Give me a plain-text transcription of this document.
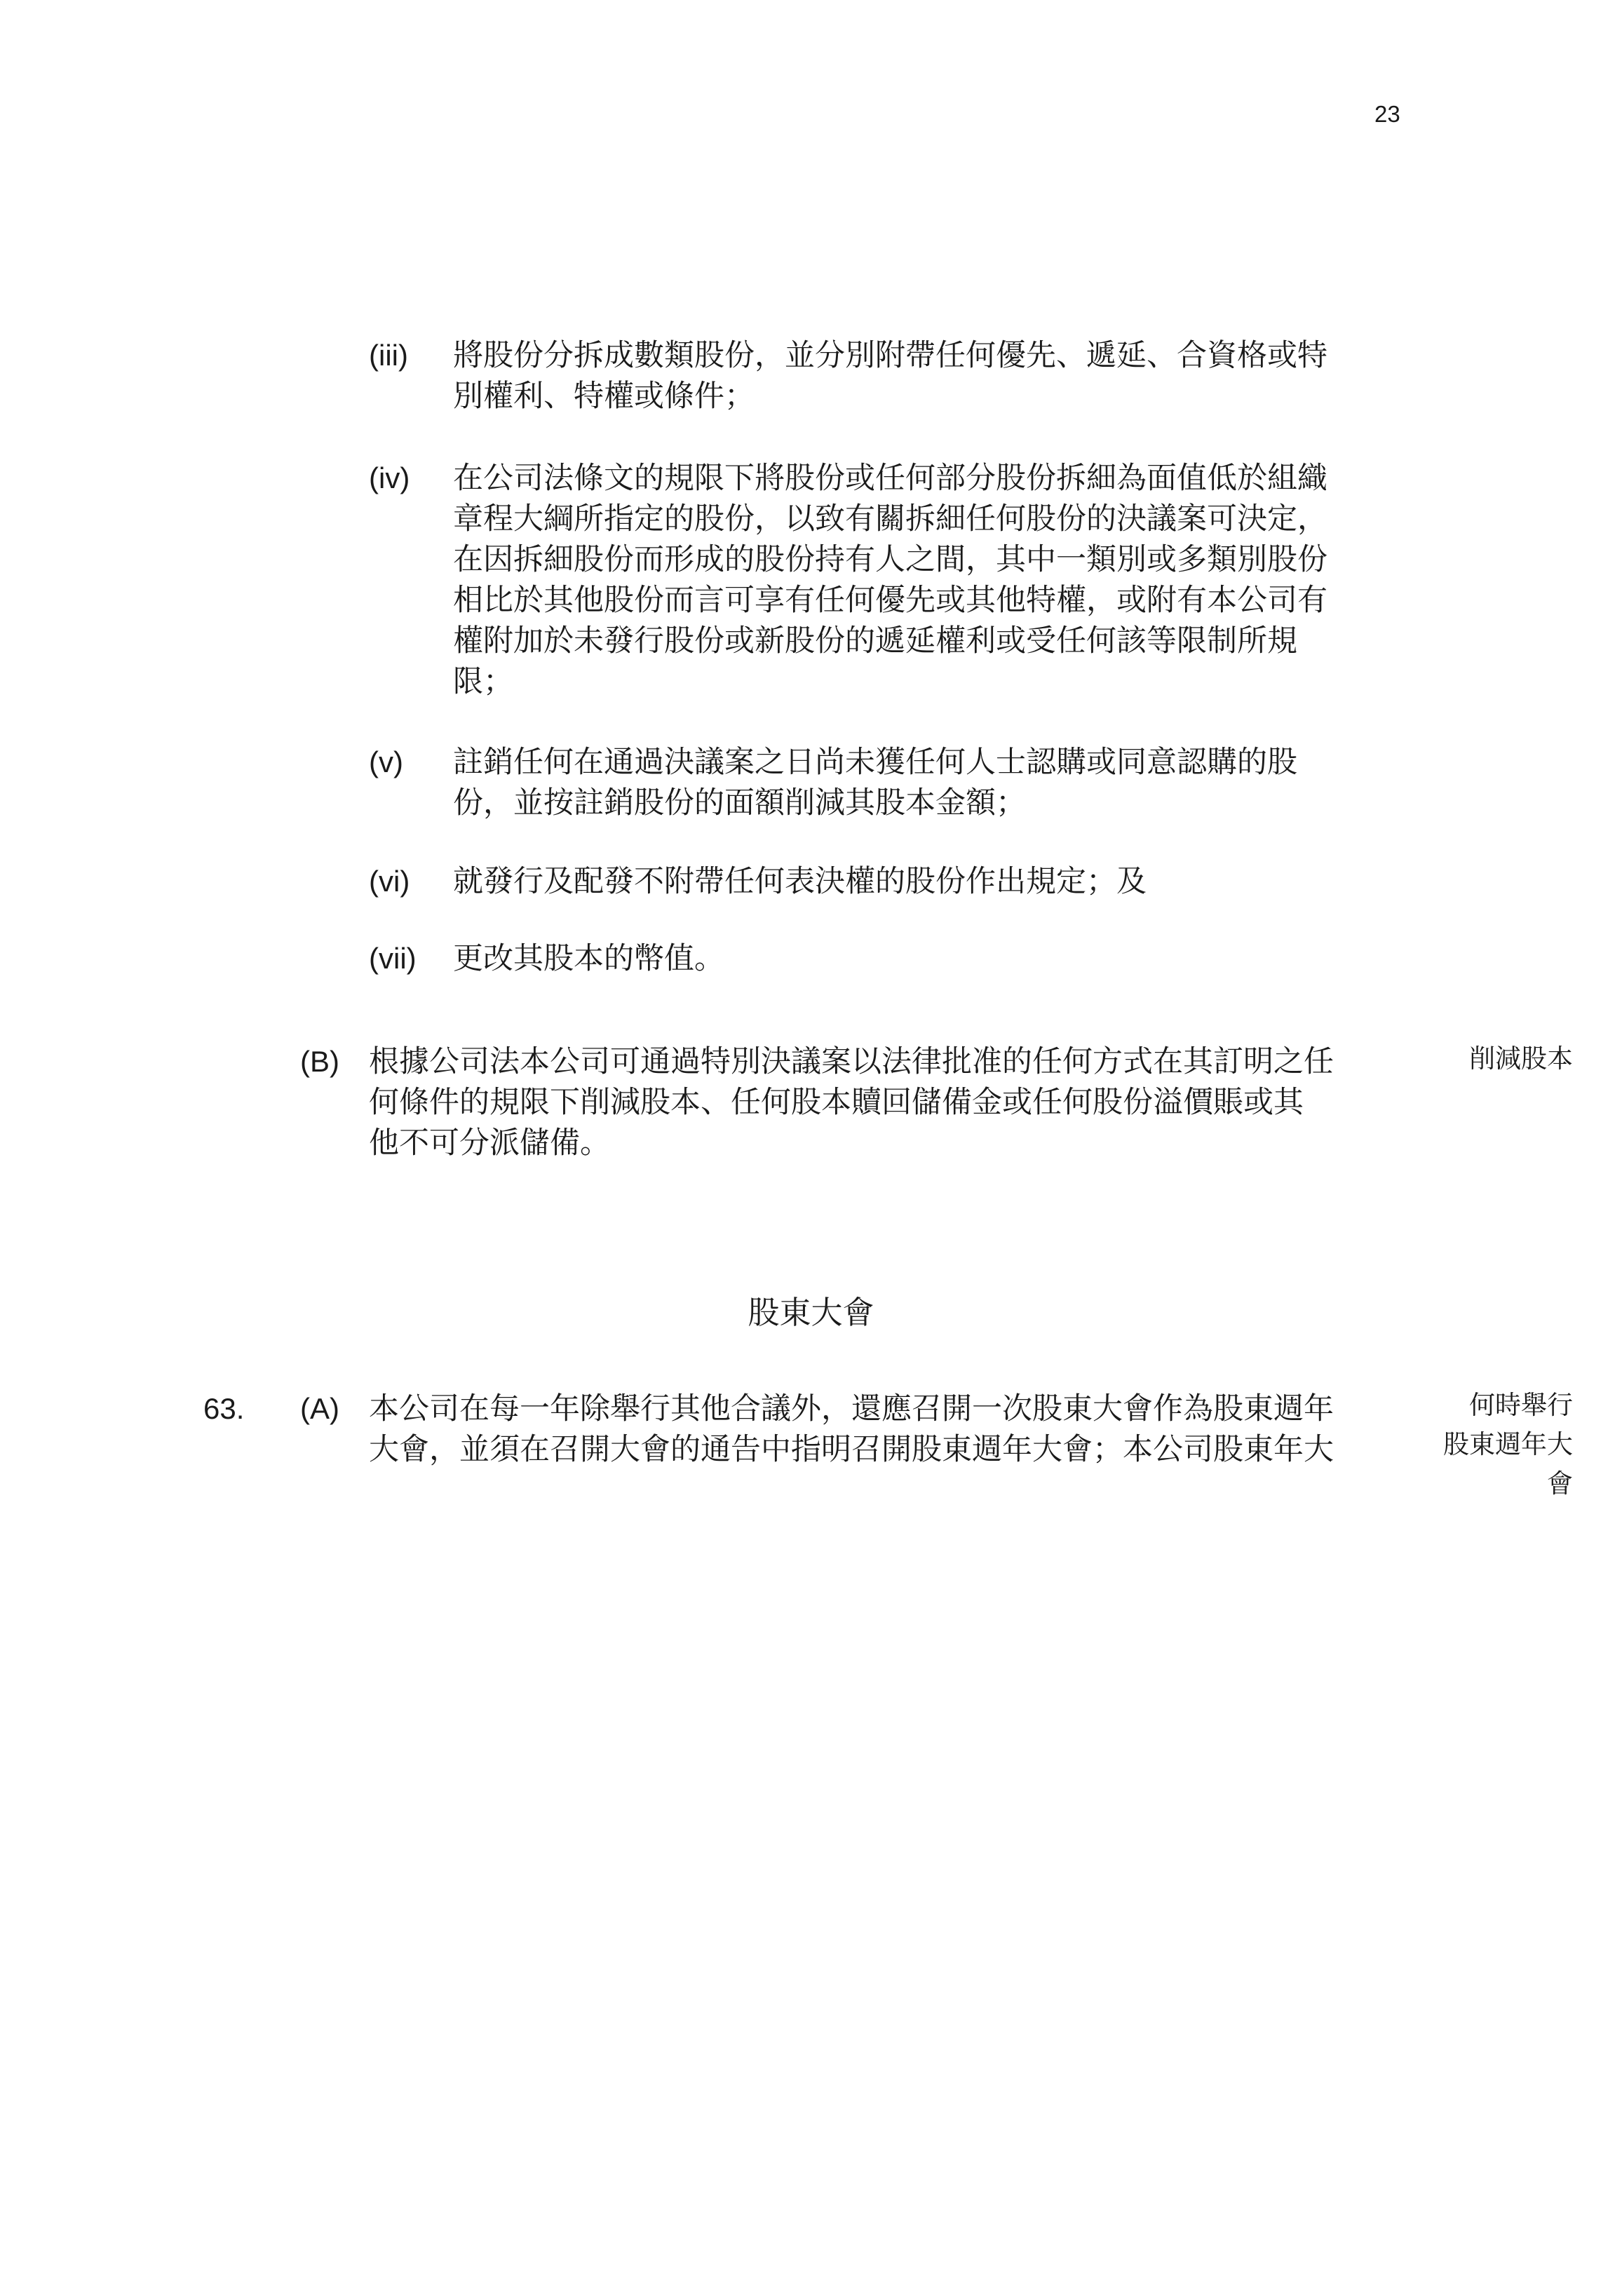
23
(iii) 將股份分拆成數類股份，並分別附帶任何優先、遞延、合資格或特
別權利、特權或條件；
(iv) 在公司法條文的規限下將股份或任何部分股份拆細為面值低於組織
章程大綱所指定的股份，以致有關拆細任何股份的決議案可決定，
在因拆細股份而形成的股份持有人之間，其中一類別或多類別股份
相比於其他股份而言可享有任何優先或其他特權，或附有本公司有
權附加於未發行股份或新股份的遞延權利或受任何該等限制所規
限；
(v) 註銷任何在通過決議案之日尚未獲任何人士認購或同意認購的股
份，並按註銷股份的面額削減其股本金額；
(vi) 就發行及配發不附帶任何表決權的股份作出規定；及
(vii) 更改其股本的幣值。
(B) 根據公司法本公司可通過特別決議案以法律批准的任何方式在其訂明之任
何條件的規限下削減股本、任何股本贖回儲備金或任何股份溢價賬或其
他不可分派儲備。
削減股本
股東大會
63. (A) 本公司在每一年除舉行其他合議外，還應召開一次股東大會作為股東週年
大會，並須在召開大會的通告中指明召開股東週年大會；本公司股東年大
何時舉行
股東週年大
會
